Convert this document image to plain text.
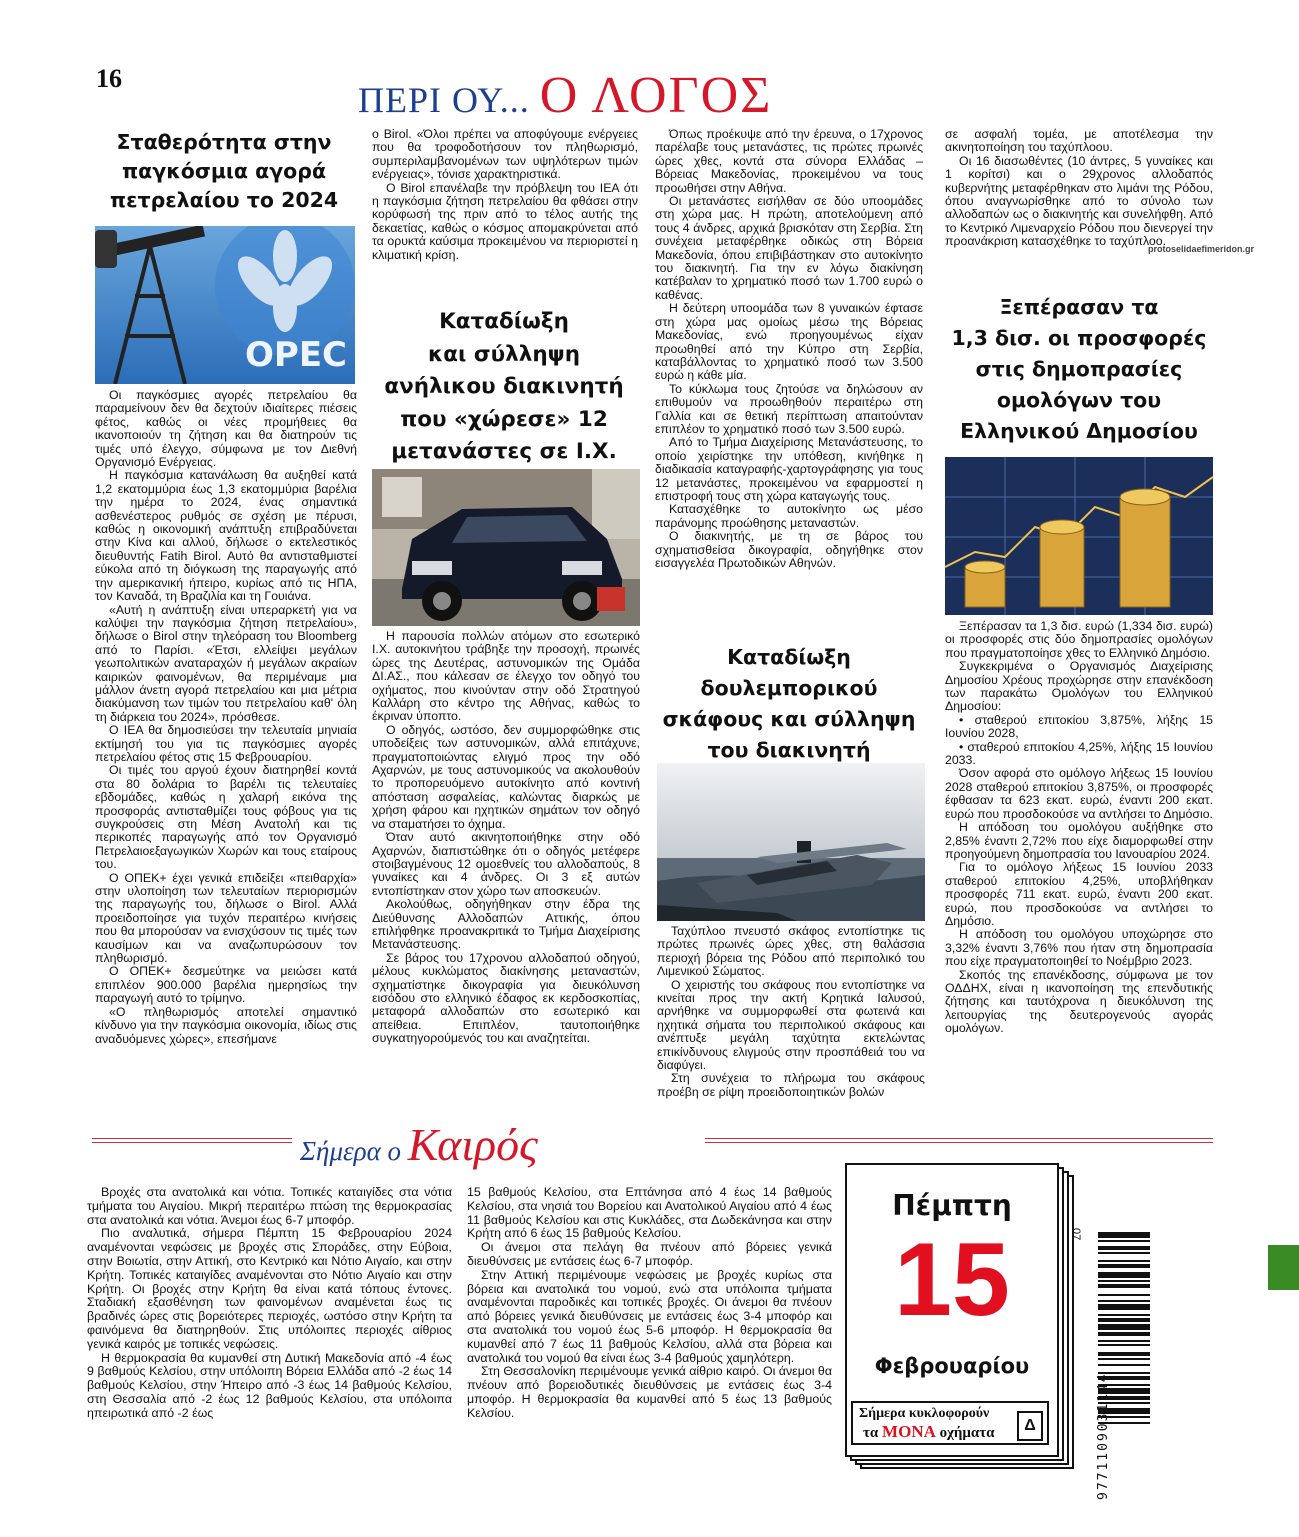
16
ΠΕΡΙ ΟΥ... Ο ΛΟΓΟΣ
protoselidaefimeridon.gr
Σταθερότητα στην
παγκόσμια αγορά
πετρελαίου το 2024
OPEC

Οι παγκόσμιες αγορές πετρελαίου θα παραμείνουν δεν θα δεχτούν ιδιαίτερες πιέσεις φέτος, καθώς οι νέες προμήθειες θα ικανοποιούν τη ζήτηση και θα διατηρούν τις τιμές υπό έλεγχο, σύμφωνα με τον Διεθνή Οργανισμό Ενέργειας.

Η παγκόσμια κατανάλωση θα αυξηθεί κατά 1,2 εκατομμύρια έως 1,3 εκατομμύρια βαρέλια την ημέρα το 2024, ένας σημαντικά ασθενέστερος ρυθμός σε σχέση με πέρυσι, καθώς η οικονομική ανάπτυξη επιβραδύνεται στην Κίνα και αλλού, δήλωσε ο εκτελεστικός διευθυντής Fatih Birol. Αυτό θα αντισταθμιστεί εύκολα από τη διόγκωση της παραγωγής από την αμερικανική ήπειρο, κυρίως από τις ΗΠΑ, τον Καναδά, τη Βραζιλία και τη Γουιάνα.

«Αυτή η ανάπτυξη είναι υπεραρκετή για να καλύψει την παγκόσμια ζήτηση πετρελαίου», δήλωσε ο Birol στην τηλεόραση του Bloomberg από το Παρίσι. «Έτσι, ελλείψει μεγάλων γεωπολιτικών αναταραχών ή μεγάλων ακραίων καιρικών φαινομένων, θα περιμέναμε μια μάλλον άνετη αγορά πετρελαίου και μια μέτρια διακύμανση των τιμών του πετρελαίου καθ' όλη τη διάρκεια του 2024», πρόσθεσε.

Ο ΙΕΑ θα δημοσιεύσει την τελευταία μηνιαία εκτίμησή του για τις παγκόσμιες αγορές πετρελαίου φέτος στις 15 Φεβρουαρίου.

Οι τιμές του αργού έχουν διατηρηθεί κοντά στα 80 δολάρια το βαρέλι τις τελευταίες εβδομάδες, καθώς η χαλαρή εικόνα της προσφοράς αντισταθμίζει τους φόβους για τις συγκρούσεις στη Μέση Ανατολή και τις περικοπές παραγωγής από τον Οργανισμό Πετρελαιοεξαγωγικών Χωρών και τους εταίρους του.

Ο ΟΠΕΚ+ έχει γενικά επιδείξει «πειθαρχία» στην υλοποίηση των τελευταίων περιορισμών της παραγωγής του, δήλωσε ο Birol. Αλλά προειδοποίησε για τυχόν περαιτέρω κινήσεις που θα μπορούσαν να ενισχύσουν τις τιμές των καυσίμων και να αναζωπυρώσουν τον πληθωρισμό.

Ο ΟΠΕΚ+ δεσμεύτηκε να μειώσει κατά επιπλέον 900.000 βαρέλια ημερησίως την παραγωγή αυτό το τρίμηνο.

«Ο πληθωρισμός αποτελεί σημαντικό κίνδυνο για την παγκόσμια οικονομία, ιδίως στις αναδυόμενες χώρες», επεσήμανε

ο Birol. «Όλοι πρέπει να αποφύγουμε ενέργειες που θα τροφοδοτήσουν τον πληθωρισμό, συμπεριλαμβανομένων των υψηλότερων τιμών ενέργειας», τόνισε χαρακτηριστικά.

Ο Birol επανέλαβε την πρόβλεψη του ΙΕΑ ότι η παγκόσμια ζήτηση πετρελαίου θα φθάσει στην κορύφωσή της πριν από το τέλος αυτής της δεκαετίας, καθώς ο κόσμος απομακρύνεται από τα ορυκτά καύσιμα προκειμένου να περιοριστεί η κλιματική κρίση.

Καταδίωξη
και σύλληψη
ανήλικου διακινητή
που «χώρεσε» 12
μετανάστες σε Ι.Χ.

Η παρουσία πολλών ατόμων στο εσωτερικό Ι.Χ. αυτοκινήτου τράβηξε την προσοχή, πρωινές ώρες της Δευτέρας, αστυνομικών της Ομάδα ΔΙ.ΑΣ., που κάλεσαν σε έλεγχο τον οδηγό του οχήματος, που κινούνταν στην οδό Στρατηγού Καλλάρη στο κέντρο της Αθήνας, καθώς το έκριναν ύποπτο.

Ο οδηγός, ωστόσο, δεν συμμορφώθηκε στις υποδείξεις των αστυνομικών, αλλά επιτάχυνε, πραγματοποιώντας ελιγμό προς την οδό Αχαρνών, με τους αστυνομικούς να ακολουθούν το προπορευόμενο αυτοκίνητο από κοντινή απόσταση ασφαλείας, καλώντας διαρκώς με χρήση φάρου και ηχητικών σημάτων τον οδηγό να σταματήσει το όχημα.

Όταν αυτό ακινητοποιήθηκε στην οδό Αχαρνών, διαπιστώθηκε ότι ο οδηγός μετέφερε στοιβαγμένους 12 ομοεθνείς του αλλοδαπούς, 8 γυναίκες και 4 άνδρες. Οι 3 εξ αυτών εντοπίστηκαν στον χώρο των αποσκευών.

Ακολούθως, οδηγήθηκαν στην έδρα της Διεύθυνσης Αλλοδαπών Αττικής, όπου επιλήφθηκε προανακριτικά το Τμήμα Διαχείρισης Μετανάστευσης.

Σε βάρος του 17χρονου αλλοδαπού οδηγού, μέλους κυκλώματος διακίνησης μεταναστών, σχηματίστηκε δικογραφία για διευκόλυνση εισόδου στο ελληνικό έδαφος εκ κερδοσκοπίας, μεταφορά αλλοδαπών στο εσωτερικό και απείθεια. Επιπλέον, ταυτοποιήθηκε συγκατηγορούμενός του και αναζητείται.

Όπως προέκυψε από την έρευνα, ο 17χρονος παρέλαβε τους μετανάστες, τις πρώτες πρωινές ώρες χθες, κοντά στα σύνορα Ελλάδας – Βόρειας Μακεδονίας, προκειμένου να τους προωθήσει στην Αθήνα.

Οι μετανάστες εισήλθαν σε δύο υποομάδες στη χώρα μας. Η πρώτη, αποτελούμενη από τους 4 άνδρες, αρχικά βρισκόταν στη Σερβία. Στη συνέχεια μεταφέρθηκε οδικώς στη Βόρεια Μακεδονία, όπου επιβιβάστηκαν στο αυτοκίνητο του διακινητή. Για την εν λόγω διακίνηση κατέβαλαν το χρηματικό ποσό των 1.700 ευρώ ο καθένας.

Η δεύτερη υποομάδα των 8 γυναικών έφτασε στη χώρα μας ομοίως μέσω της Βόρειας Μακεδονίας, ενώ προηγουμένως είχαν προωθηθεί από την Κύπρο στη Σερβία, καταβάλλοντας το χρηματικό ποσό των 3.500 ευρώ η κάθε μία.

Το κύκλωμα τους ζητούσε να δηλώσουν αν επιθυμούν να προωθηθούν περαιτέρω στη Γαλλία και σε θετική περίπτωση απαιτούνταν επιπλέον το χρηματικό ποσό των 3.500 ευρώ.

Από το Τμήμα Διαχείρισης Μετανάστευσης, το οποίο χειρίστηκε την υπόθεση, κινήθηκε η διαδικασία καταγραφής-χαρτογράφησης για τους 12 μετανάστες, προκειμένου να εφαρμοστεί η επιστροφή τους στη χώρα καταγωγής τους.

Κατασχέθηκε το αυτοκίνητο ως μέσο παράνομης προώθησης μεταναστών.

Ο διακινητής, με τη σε βάρος του σχηματισθείσα δικογραφία, οδηγήθηκε στον εισαγγελέα Πρωτοδικών Αθηνών.

Καταδίωξη
δουλεμπορικού
σκάφους και σύλληψη
του διακινητή

Ταχύπλοο πνευστό σκάφος εντοπίστηκε τις πρώτες πρωινές ώρες χθες, στη θαλάσσια περιοχή βόρεια της Ρόδου από περιπολικό του Λιμενικού Σώματος.

Ο χειριστής του σκάφους που εντοπίστηκε να κινείται προς την ακτή Κρητικά Ιαλυσού, αρνήθηκε να συμμορφωθεί στα φωτεινά και ηχητικά σήματα του περιπολικού σκάφους και ανέπτυξε μεγάλη ταχύτητα εκτελώντας επικίνδυνους ελιγμούς στην προσπάθειά του να διαφύγει.

Στη συνέχεια το πλήρωμα του σκάφους προέβη σε ρίψη προειδοποιητικών βολών

σε ασφαλή τομέα, με αποτέλεσμα την ακινητοποίηση του ταχύπλοου.

Οι 16 διασωθέντες (10 άντρες, 5 γυναίκες και 1 κορίτσι) και ο 29χρονος αλλοδαπός κυβερνήτης μεταφέρθηκαν στο λιμάνι της Ρόδου, όπου αναγνωρίσθηκε από το σύνολο των αλλοδαπών ως ο διακινητής και συνελήφθη. Από το Κεντρικό Λιμεναρχείο Ρόδου που διενεργεί την προανάκριση κατασχέθηκε το ταχύπλοο.

Ξεπέρασαν τα
1,3 δισ. οι προσφορές
στις δημοπρασίες
ομολόγων του
Ελληνικού Δημοσίου

Ξεπέρασαν τα 1,3 δισ. ευρώ (1,334 δισ. ευρώ) οι προσφορές στις δύο δημοπρασίες ομολόγων που πραγματοποίησε χθες το Ελληνικό Δημόσιο.

Συγκεκριμένα ο Οργανισμός Διαχείρισης Δημοσίου Χρέους προχώρησε στην επανέκδοση των παρακάτω Ομολόγων του Ελληνικού Δημοσίου:

• σταθερού επιτοκίου 3,875%, λήξης 15 Ιουνίου 2028,

• σταθερού επιτοκίου 4,25%, λήξης 15 Ιουνίου 2033.

Όσον αφορά στο ομόλογο λήξεως 15 Ιουνίου 2028 σταθερού επιτοκίου 3,875%, οι προσφορές έφθασαν τα 623 εκατ. ευρώ, έναντι 200 εκατ. ευρώ που προσδοκούσε να αντλήσει το Δημόσιο.

Η απόδοση του ομολόγου αυξήθηκε στο 2,85% έναντι 2,72% που είχε διαμορφωθεί στην προηγούμενη δημοπρασία του Ιανουαρίου 2024.

Για το ομόλογο λήξεως 15 Ιουνίου 2033 σταθερού επιτοκίου 4,25%, υποβλήθηκαν προσφορές 711 εκατ. ευρώ, έναντι 200 εκατ. ευρώ, που προσδοκούσε να αντλήσει το Δημόσιο.

Η απόδοση του ομολόγου υποχώρησε στο 3,32% έναντι 3,76% που ήταν στη δημοπρασία που είχε πραγματοποιηθεί το Νοέμβριο 2023.

Σκοπός της επανέκδοσης, σύμφωνα με τον ΟΔΔΗΧ, είναι η ικανοποίηση της επενδυτικής ζήτησης και ταυτόχρονα η διευκόλυνση της λειτουργίας της δευτερογενούς αγοράς ομολόγων.

Σήμερα ο Καιρός

Βροχές στα ανατολικά και νότια. Τοπικές καταιγίδες στα νότια τμήματα του Αιγαίου. Μικρή περαιτέρω πτώση της θερμοκρασίας στα ανατολικά και νότια. Άνεμοι έως 6-7 μποφόρ.

Πιο αναλυτικά, σήμερα Πέμπτη 15 Φεβρουαρίου 2024 αναμένονται νεφώσεις με βροχές στις Σποράδες, στην Εύβοια, στην Βοιωτία, στην Αττική, στο Κεντρικό και Νότιο Αιγαίο, και στην Κρήτη. Τοπικές καταιγίδες αναμένονται στο Νότιο Αιγαίο και στην Κρήτη. Οι βροχές στην Κρήτη θα είναι κατά τόπους έντονες. Σταδιακή εξασθένηση των φαινομένων αναμένεται έως τις βραδινές ώρες στις βορειότερες περιοχές, ωστόσο στην Κρήτη τα φαινόμενα θα διατηρηθούν. Στις υπόλοιπες περιοχές αίθριος γενικά καιρός με τοπικές νεφώσεις.

Η θερμοκρασία θα κυμανθεί στη Δυτική Μακεδονία από -4 έως 9 βαθμούς Κελσίου, στην υπόλοιπη Βόρεια Ελλάδα από -2 έως 14 βαθμούς Κελσίου, στην Ήπειρο από -3 έως 14 βαθμούς Κελσίου, στη Θεσσαλία από -2 έως 12 βαθμούς Κελσίου, στα υπόλοιπα ηπειρωτικά από -2 έως

15 βαθμούς Κελσίου, στα Επτάνησα από 4 έως 14 βαθμούς Κελσίου, στα νησιά του Βορείου και Ανατολικού Αιγαίου από 4 έως 11 βαθμούς Κελσίου και στις Κυκλάδες, στα Δωδεκάνησα και στην Κρήτη από 6 έως 15 βαθμούς Κελσίου.

Οι άνεμοι στα πελάγη θα πνέουν από βόρειες γενικά διευθύνσεις με εντάσεις έως 6-7 μποφόρ.

Στην Αττική περιμένουμε νεφώσεις με βροχές κυρίως στα βόρεια και ανατολικά του νομού, ενώ στα υπόλοιπα τμήματα αναμένονται παροδικές και τοπικές βροχές. Οι άνεμοι θα πνέουν από βόρειες γενικά διευθύνσεις με εντάσεις έως 3-4 μποφόρ και στα ανατολικά του νομού έως 5-6 μποφόρ. Η θερμοκρασία θα κυμανθεί από 7 έως 11 βαθμούς Κελσίου, αλλά στα βόρεια και ανατολικά του νομού θα είναι έως 3-4 βαθμούς χαμηλότερη.

Στη Θεσσαλονίκη περιμένουμε γενικά αίθριο καιρό. Οι άνεμοι θα πνέουν από βορειοδυτικές διευθύνσεις με εντάσεις έως 3-4 μποφόρ. Η θερμοκρασία θα κυμανθεί από 5 έως 13 βαθμούς Κελσίου.

Πέμπτη
15
Φεβρουαρίου
Σήμερα κυκλοφορούν
τα ΜΟΝΑ οχήματα	Δ
07
9771109031144
